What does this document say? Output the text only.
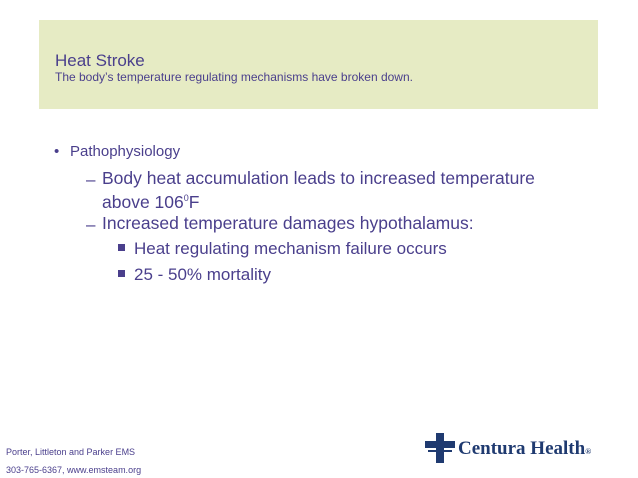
Heat Stroke
The body’s temperature regulating mechanisms have broken down.
• Pathophysiology
– Body heat accumulation leads to increased temperature
above $106^0F$
– Increased temperature damages hypothalamus:
Heat regulating mechanism failure occurs
25 - 50% mortality
Porter, Littleton and Parker EMS
303-765-6367, www.emsteam.org
Centura Health®
